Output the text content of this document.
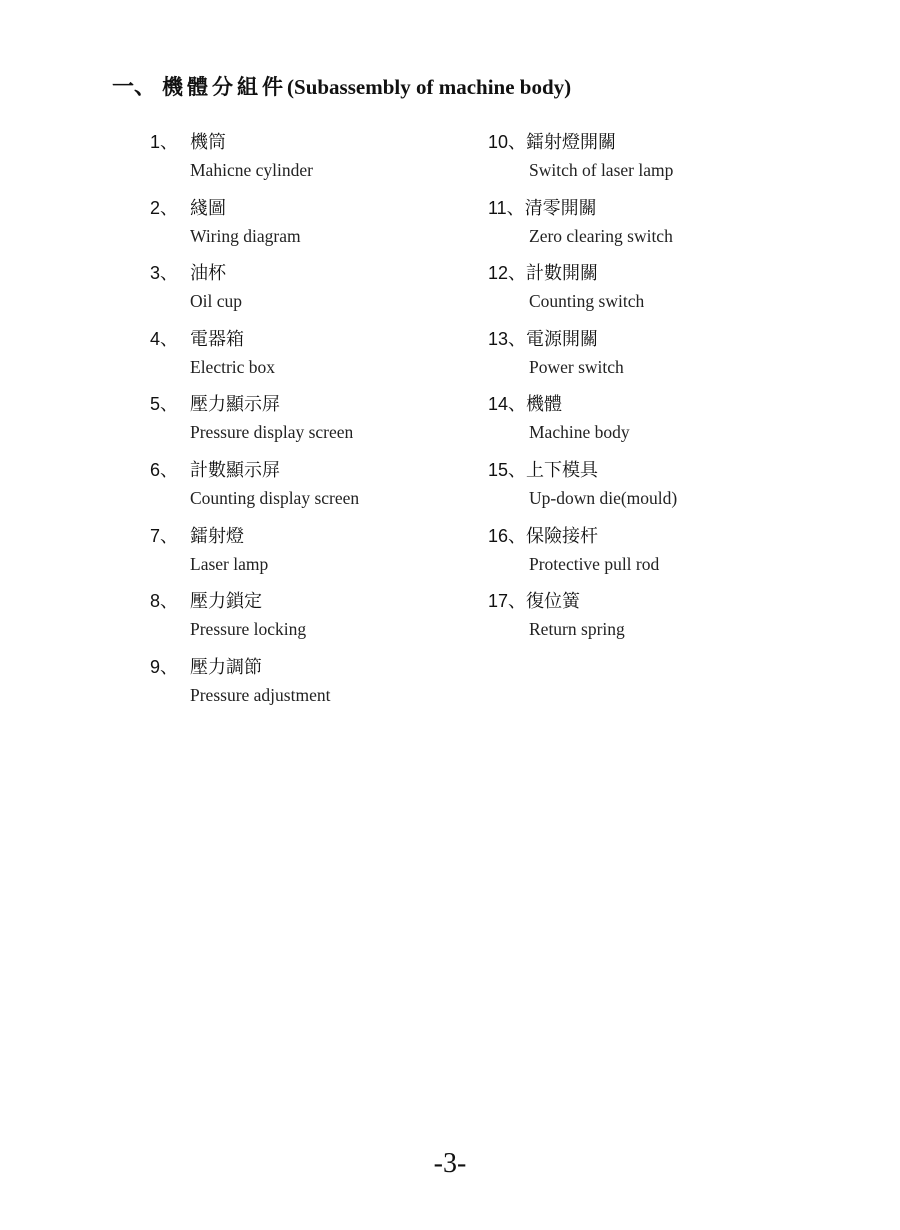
一、 機體分組件 (Subassembly of machine body)
1、 機筒
Mahicne cylinder
2、 綫圖
Wiring diagram
3、 油杯
Oil cup
4、 電器箱
Electric box
5、 壓力顯示屏
Pressure display screen
6、 計數顯示屏
Counting display screen
7、 鐳射燈
Laser lamp
8、 壓力鎖定
Pressure locking
9、 壓力調節
Pressure adjustment
10、 鐳射燈開關
Switch of laser lamp
11、 清零開關
Zero clearing switch
12、 計數開關
Counting switch
13、 電源開關
Power switch
14、 機體
Machine body
15、 上下模具
Up-down die(mould)
16、 保險接杆
Protective pull rod
17、 復位簧
Return spring
-3-
